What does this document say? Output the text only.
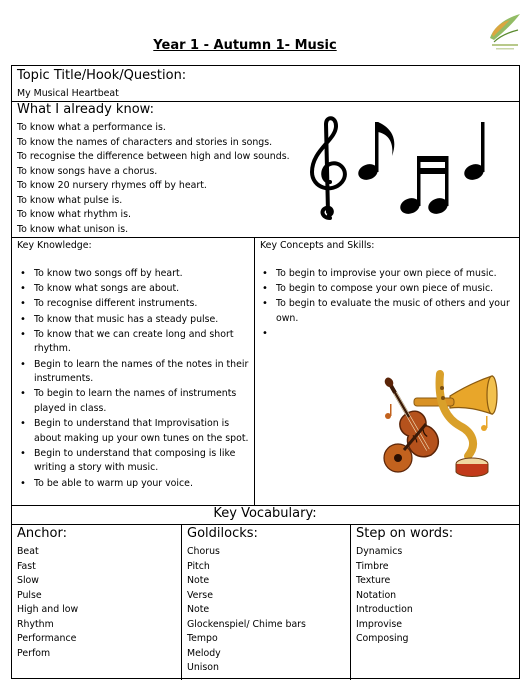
Year 1 - Autumn 1- Music
Topic Title/Hook/Question:
My Musical Heartbeat
What I already know:
To know what a performance is.
To know the names of characters and stories in songs.
To recognise the difference between high and low sounds.
To know songs have a chorus.
To know 20 nursery rhymes off by heart.
To know what pulse is.
To know what rhythm is.
To know what unison is.
Key Knowledge:
• To know two songs off by heart.
• To know what songs are about.
• To recognise different instruments.
• To know that music has a steady pulse.
• To know that we can create long and short rhythm.
• Begin to learn the names of the notes in their instruments.
• To begin to learn the names of instruments played in class.
• Begin to understand that Improvisation is about making up your own tunes on the spot.
• Begin to understand that composing is like writing a story with music.
• To be able to warm up your voice.
Key Concepts and Skills:
• To begin to improvise your own piece of music.
• To begin to compose your own piece of music.
• To begin to evaluate the music of others and your own.
Key Vocabulary:
Anchor:
Beat
Fast
Slow
Pulse
High and low
Rhythm
Performance
Perfom
Goldilocks:
Chorus
Pitch
Note
Verse
Note
Glockenspiel/ Chime bars
Tempo
Melody
Unison
Step on words:
Dynamics
Timbre
Texture
Notation
Introduction
Improvise
Composing
